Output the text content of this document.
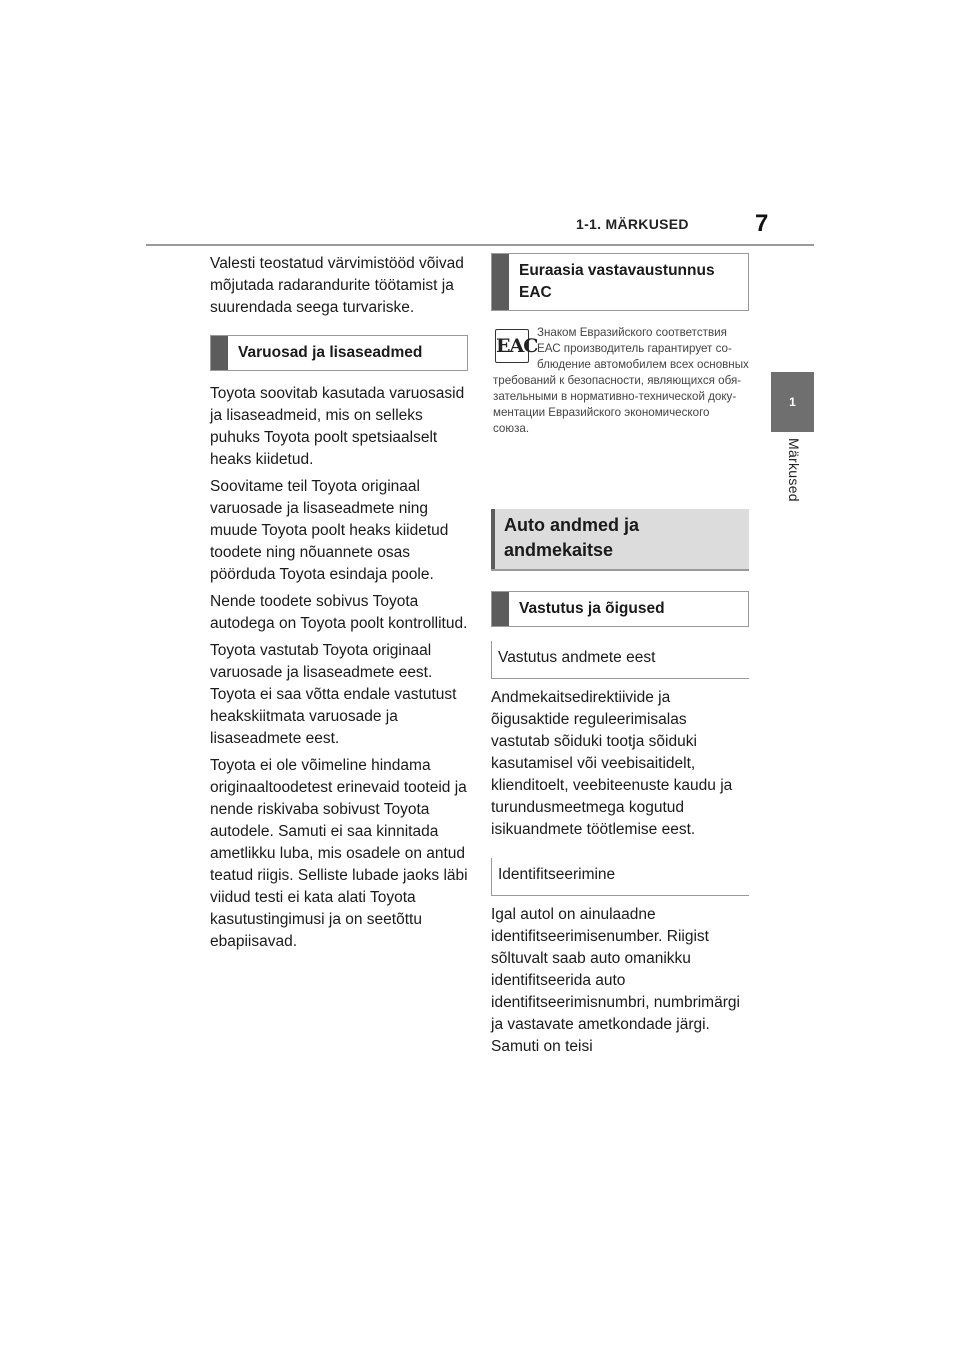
1-1. MÄRKUSED	7
1
Märkused

Valesti teostatud värvimistööd võivad mõjutada radarandurite töötamist ja suurendada seega turvariske.

Varuosad ja lisaseadmed

Toyota soovitab kasutada varuosasid ja lisaseadmeid, mis on selleks puhuks Toyota poolt spetsiaalselt heaks kiidetud.

Soovitame teil Toyota originaal varuosade ja lisaseadmete ning muude Toyota poolt heaks kiidetud toodete ning nõuannete osas pöörduda Toyota esindaja poole.

Nende toodete sobivus Toyota autodega on Toyota poolt kontrollitud.

Toyota vastutab Toyota originaal varuosade ja lisaseadmete eest. Toyota ei saa võtta endale vastutust heakskiitmata varuosade ja lisaseadmete eest.

Toyota ei ole võimeline hindama originaaltoodetest erinevaid tooteid ja nende riskivaba sobivust Toyota autodele. Samuti ei saa kinnitada ametlikku luba, mis osadele on antud teatud riigis. Selliste lubade jaoks läbi viidud testi ei kata alati Toyota kasutustingimusi ja on seetõttu ebapiisavad.

Euraasia vastavaustunnus EAC
EAC
Знаком Евразийского соответствия
ЕАС производитель гарантирует со-
блюдение автомобилем всех основных
требований к безопасности, являющихся обя-
зательными в нормативно-технической доку-
ментации Евразийского экономического
союза.
Auto andmed ja andmekaitse
Vastutus ja õigused
Vastutus andmete eest

Andmekaitsedirektiivide ja õigusaktide reguleerimisalas vastutab sõiduki tootja sõiduki kasutamisel või veebisaitidelt, klienditoelt, veebiteenuste kaudu ja turundusmeetmega kogutud isikuandmete töötlemise eest.

Identifitseerimine

Igal autol on ainulaadne identifitseerimisenumber. Riigist sõltuvalt saab auto omanikku identifitseerida auto identifitseerimisnumbri, numbrimärgi ja vastavate ametkondade järgi. Samuti on teisi
